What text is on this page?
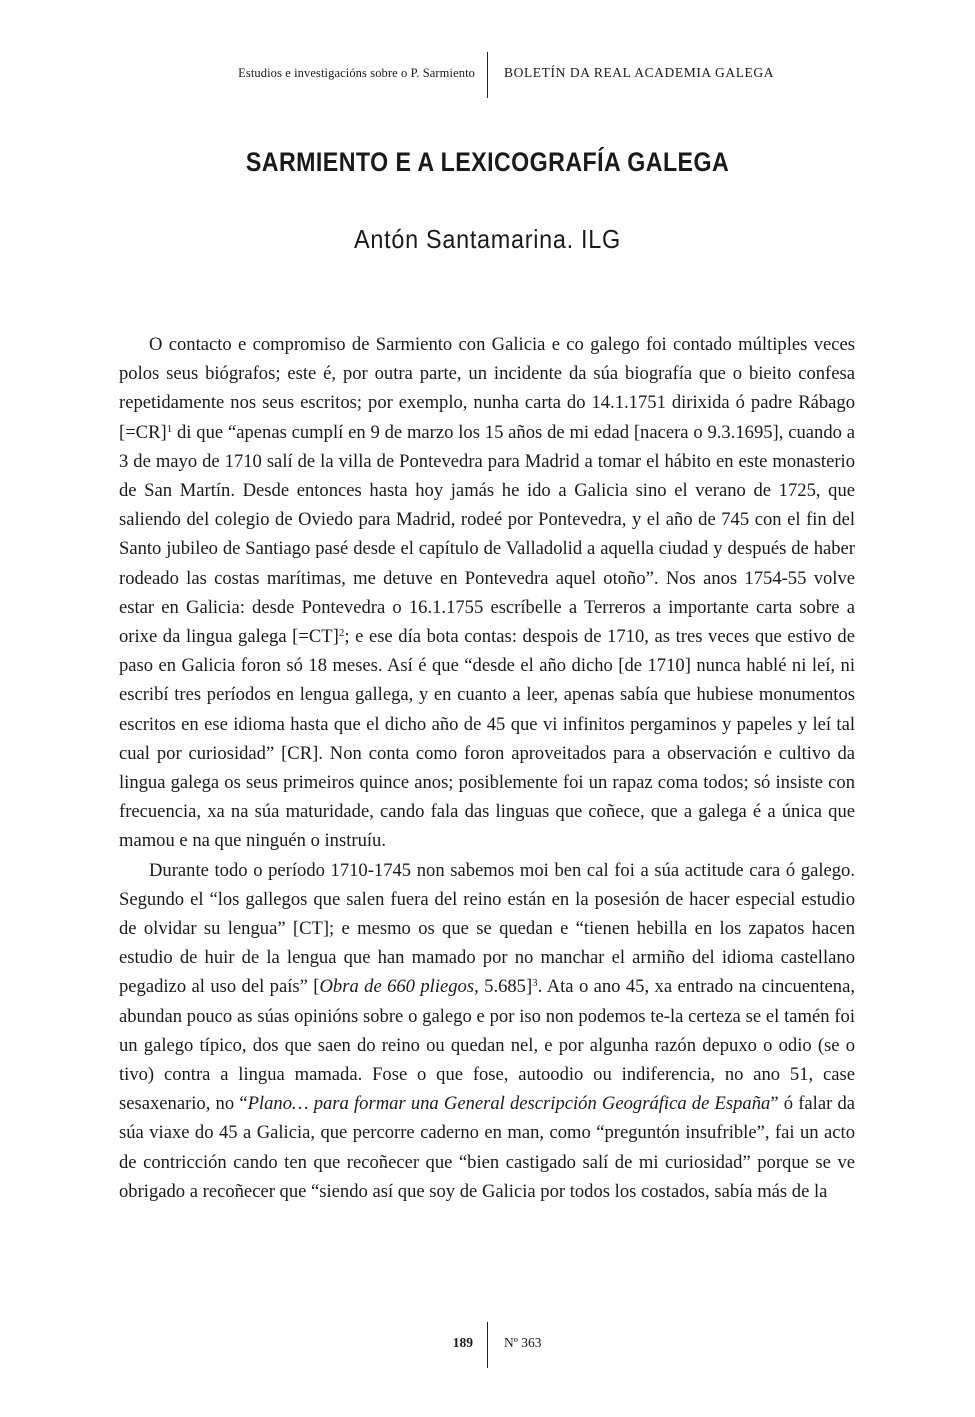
Estudios e investigacións sobre o P. Sarmiento BOLETÍN DA REAL ACADEMIA GALEGA
SARMIENTO E A LEXICOGRAFÍA GALEGA
Antón Santamarina. ILG

O contacto e compromiso de Sarmiento con Galicia e co galego foi contado múltiples veces polos seus biógrafos; este é, por outra parte, un incidente da súa biografía que o bieito confesa repetidamente nos seus escritos; por exemplo, nunha carta do 14.1.1751 dirixida ó padre Rábago [=CR]$^1$ di que “apenas cumplí en 9 de marzo los 15 años de mi edad [nacera o 9.3.1695], cuando a 3 de mayo de 1710 salí de la villa de Pontevedra para Madrid a tomar el hábito en este monasterio de San Martín. Desde entonces hasta hoy jamás he ido a Galicia sino el verano de 1725, que saliendo del colegio de Oviedo para Madrid, rodeé por Pontevedra, y el año de 745 con el fin del Santo jubileo de Santiago pasé desde el capítulo de Valladolid a aquella ciudad y después de haber rodeado las costas marítimas, me detuve en Pontevedra aquel otoño”. Nos anos 1754-55 volve estar en Galicia: desde Pontevedra o 16.1.1755 escríbelle a Terreros a importante carta sobre a orixe da lingua galega [=CT]$^2$; e ese día bota contas: despois de 1710, as tres veces que estivo de paso en Galicia foron só 18 meses. Así é que “desde el año dicho [de 1710] nunca hablé ni leí, ni escribí tres períodos en lengua gallega, y en cuanto a leer, apenas sabía que hubiese monumentos escritos en ese idioma hasta que el dicho año de 45 que vi infinitos pergaminos y papeles y leí tal cual por curiosidad” [CR]. Non conta como foron aproveitados para a observación e cultivo da lingua galega os seus primeiros quince anos; posiblemente foi un rapaz coma todos; só insiste con frecuencia, xa na súa maturidade, cando fala das linguas que coñece, que a galega é a única que mamou e na que ninguén o instruíu.

Durante todo o período 1710-1745 non sabemos moi ben cal foi a súa actitude cara ó galego. Segundo el “los gallegos que salen fuera del reino están en la posesión de hacer especial estudio de olvidar su lengua” [CT]; e mesmo os que se quedan e “tienen hebilla en los zapatos hacen estudio de huir de la lengua que han mamado por no manchar el armiño del idioma castellano pegadizo al uso del país” [Obra de 660 pliegos, 5.685]$^3$. Ata o ano 45, xa entrado na cincuentena, abundan pouco as súas opinións sobre o galego e por iso non podemos te-la certeza se el tamén foi un galego típico, dos que saen do reino ou quedan nel, e por algunha razón depuxo o odio (se o tivo) contra a lingua mamada. Fose o que fose, autoodio ou indiferencia, no ano 51, case sesaxenario, no “Plano… para formar una General descripción Geográfica de España” ó falar da súa viaxe do 45 a Galicia, que percorre caderno en man, como “preguntón insufrible”, fai un acto de contricción cando ten que recoñecer que “bien castigado salí de mi curiosidad” porque se ve obrigado a recoñecer que “siendo así que soy de Galicia por todos los costados, sabía más de la

189 Nº 363
